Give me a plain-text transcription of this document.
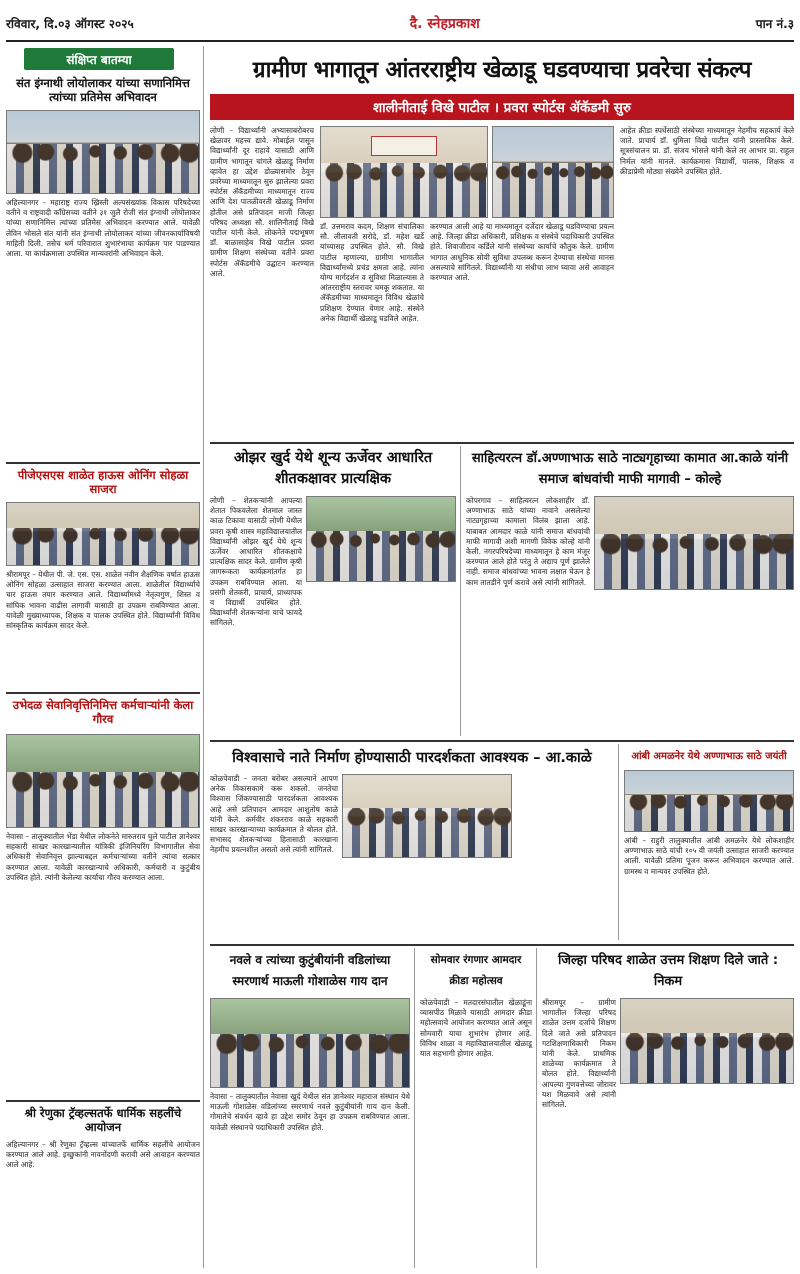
रविवार, दि.०३ ऑगस्ट २०२५	दै. स्नेहप्रकाश	पान नं.३
संक्षिप्त बातम्या
संत इंग्नाथी लोयोलाकर यांच्या सणानिमित्त त्यांच्या प्रतिमेस अभिवादन

अहिल्यानगर – महाराष्ट्र राज्य ख्रिस्ती अल्पसंख्यांक विकास परिषदेच्या वतीने व राष्ट्रवादी काँग्रेसच्या वतीने ३१ जुलै रोजी संत इंग्नाथी लोयोलाकर यांच्या सणानिमित्त त्यांच्या प्रतिमेस अभिवादन करण्यात आले. यावेळी लेविन भोसले संत यांनी संत इंग्नाथी लोयोलाकर यांच्या जीवनकार्याविषयी माहिती दिली. तसेच धर्म परिवारात शुभारंभाचा कार्यक्रम पार पाडण्यात आला. या कार्यक्रमाला उपस्थित मान्यवरांनी अभिवादन केले.

पीजेएसएस शाळेत हाऊस ओनिंग सोहळा साजरा

श्रीरामपूर – येथील पी. जे. एस. एस. शाळेत नवीन शैक्षणिक वर्षात हाऊस ओनिंग सोहळा उत्साहात साजरा करण्यात आला. शाळेतील विद्यार्थ्यांचे चार हाऊस तयार करण्यात आले. विद्यार्थ्यांमध्ये नेतृत्वगुण, शिस्त व सांघिक भावना वाढीस लागावी यासाठी हा उपक्रम राबविण्यात आला. यावेळी मुख्याध्यापक, शिक्षक व पालक उपस्थित होते. विद्यार्थ्यांनी विविध सांस्कृतिक कार्यक्रम सादर केले.

उभेदळ सेवानिवृत्तिनिमित्त कर्मचाऱ्यांनी केला गौरव

नेवासा – तालुक्यातील भेंडा येथील लोकनेते मारुतराव घुले पाटील ज्ञानेश्वर सहकारी साखर कारखान्यातील यांत्रिकी इंजिनियरिंग विभागातील सेवा अधिकारी सेवानिवृत्त झाल्याबद्दल कर्मचाऱ्यांच्या वतीने त्यांचा सत्कार करण्यात आला. यावेळी कारखान्याचे अधिकारी, कर्मचारी व कुटुंबीय उपस्थित होते. त्यांनी केलेल्या कार्याचा गौरव करण्यात आला.

श्री रेणुका ट्रॅव्हल्सतर्फे धार्मिक सहलींचे आयोजन

अहिल्यानगर – श्री रेणुका ट्रॅव्हल्स यांच्यातर्फे धार्मिक सहलींचे आयोजन करण्यात आले आहे. इच्छुकांनी नावनोंदणी करावी असे आवाहन करण्यात आले आहे.

ग्रामीण भागातून आंतरराष्ट्रीय खेळाडू घडवण्याचा प्रवरेचा संकल्प
शालीनीताई विखे पाटील । प्रवरा स्पोर्टस ॲकॅडमी सुरु

लोणी – विद्यार्थ्यांनी अभ्यासाबरोबरच खेळावर महत्त्व द्यावे. मोबाईल पासून विद्यार्थ्यांनी दूर राहावे यासाठी आणि ग्रामीण भागातून चांगले खेळाडू निर्माण व्हावेत हा उद्देश डोळ्यासमोर ठेवून प्रवरेच्या माध्यमातून सुरु झालेल्या प्रवरा स्पोर्टस ॲकॅडमीच्या माध्यमातून राज्य आणि देश पातळीवरती खेळाडू निर्माण होतील असे प्रतिपादन माजी जिल्हा परिषद अध्यक्षा सौ. शालिनीताई विखे पाटील यांनी केले. लोकनेते पद्मभूषण डॉ. बाळासाहेब विखे पाटील प्रवरा ग्रामीण शिक्षण संस्थेच्या वतीने प्रवरा स्पोर्टस ॲकॅडमीचे उद्घाटन करण्यात आले.

डॉ. उत्तमराव कदम, शिक्षण संचालिका सौ. लीलावती सरोदे, डॉ. महेश खर्डे यांच्यासह उपस्थित होते. सौ. विखे पाटील म्हणाल्या, ग्रामीण भागातील विद्यार्थ्यांमध्ये प्रचंड क्षमता आहे. त्यांना योग्य मार्गदर्शन व सुविधा मिळाल्यास ते आंतरराष्ट्रीय स्तरावर चमकू शकतात. या ॲकॅडमीच्या माध्यमातून विविध खेळांचे प्रशिक्षण देण्यात येणार आहे. संस्थेने अनेक विद्यार्थी खेळाडू घडविले आहेत.

करण्यात आली आहे या माध्यमातून दर्जेदार खेळाडू घडविण्याचा प्रयत्न आहे. जिल्हा क्रीडा अधिकारी, प्रशिक्षक व संस्थेचे पदाधिकारी उपस्थित होते. शिवाजीराव कर्डिले यांनी संस्थेच्या कार्याचे कौतुक केले. ग्रामीण भागात आधुनिक सोयी सुविधा उपलब्ध करून देण्याचा संस्थेचा मानस असल्याचे सांगितले. विद्यार्थ्यांनी या संधीचा लाभ घ्यावा असे आवाहन करण्यात आले.

आहेत क्रीडा स्पर्धेसाठी संस्थेच्या माध्यमातून नेहमीच सहकार्य केले जाते. प्राचार्य डॉ. धुमिला विखे पाटील यांनी प्रास्ताविक केले. सूत्रसंचालन प्रा. डॉ. संजय भोसले यांनी केले तर आभार प्रा. राहुल निर्मल यांनी मानले. कार्यक्रमास विद्यार्थी, पालक, शिक्षक व क्रीडाप्रेमी मोठ्या संख्येने उपस्थित होते.

ओझर खुर्द येथे शून्य ऊर्जेवर आधारित शीतकक्षावर प्रात्यक्षिक

लोणी – शेतकऱ्यांनी आपल्या शेतात पिकवलेला शेतमाल जास्त काळ टिकावा यासाठी लोणी येथील प्रवरा कृषी शास्त्र महाविद्यालयातील विद्यार्थ्यांनी ओझर खुर्द येथे शून्य ऊर्जेवर आधारित शीतकक्षाचे प्रात्यक्षिक सादर केले. ग्रामीण कृषी जागरूकता कार्यक्रमांतर्गत हा उपक्रम राबविण्यात आला. या प्रसंगी शेतकरी, प्राचार्य, प्राध्यापक व विद्यार्थी उपस्थित होते. विद्यार्थ्यांनी शेतकऱ्यांना याचे फायदे सांगितले.

साहित्यरत्न डॉ.अण्णाभाऊ साठे नाट्यगृहाच्या कामात आ.काळे यांनी समाज बांधवांची माफी मागावी – कोल्हे

कोपरगाव – साहित्यरत्न लोकशाहीर डॉ. अण्णाभाऊ साठे यांच्या नावाने असलेल्या नाट्यगृहाच्या कामाला विलंब झाला आहे. याबाबत आमदार काळे यांनी समाज बांधवांची माफी मागावी अशी मागणी विवेक कोल्हे यांनी केली. नगरपरिषदेच्या माध्यमातून हे काम मंजूर करण्यात आले होते परंतु ते अद्याप पूर्ण झालेले नाही. समाज बांधवांच्या भावना लक्षात घेऊन हे काम तातडीने पूर्ण करावे असे त्यांनी सांगितले.

विश्वासाचे नाते निर्माण होण्यासाठी पारदर्शकता आवश्यक – आ.काळे

कोळपेवाडी – जनता बरोबर असल्याने आपण अनेक विकासकामे करू शकलो. जनतेचा विश्वास जिंकण्यासाठी पारदर्शकता आवश्यक आहे असे प्रतिपादन आमदार आशुतोष काळे यांनी केले. कर्मवीर शंकरराव काळे सहकारी साखर कारखान्याच्या कार्यक्रमात ते बोलत होते. सभासद शेतकऱ्यांच्या हितासाठी कारखाना नेहमीच प्रयत्नशील असतो असे त्यांनी सांगितले.

आंबी अमळनेर येथे अण्णाभाऊ साठे जयंती

आंबी – राहुरी तालुक्यातील आंबी अमळनेर येथे लोकशाहीर अण्णाभाऊ साठे यांची १०५ वी जयंती उत्साहात साजरी करण्यात आली. यावेळी प्रतिमा पूजन करून अभिवादन करण्यात आले. ग्रामस्थ व मान्यवर उपस्थित होते.

नवले व त्यांच्या कुटुंबीयांनी वडिलांच्या स्मरणार्थ माऊली गोशाळेस गाय दान

नेवासा – तालुक्यातील नेवासा खुर्द येथील संत ज्ञानेश्वर महाराज संस्थान येथे माऊली गोशाळेस वडिलांच्या स्मरणार्थ नवले कुटुंबीयांनी गाय दान केली. गोमातेचे संवर्धन व्हावे हा उद्देश समोर ठेवून हा उपक्रम राबविण्यात आला. यावेळी संस्थानचे पदाधिकारी उपस्थित होते.

सोमवार रंगणार आमदार क्रीडा महोत्सव

कोळपेवाडी – मतदारसंघातील खेळाडूंना व्यासपीठ मिळावे यासाठी आमदार क्रीडा महोत्सवाचे आयोजन करण्यात आले असून सोमवारी याचा शुभारंभ होणार आहे. विविध शाळा व महाविद्यालयातील खेळाडू यात सहभागी होणार आहेत.

जिल्हा परिषद शाळेत उत्तम शिक्षण दिले जाते : निकम

श्रीरामपूर – ग्रामीण भागातील जिल्हा परिषद शाळेत उत्तम दर्जाचे शिक्षण दिले जाते असे प्रतिपादन गटशिक्षणाधिकारी निकम यांनी केले. प्राथमिक शाळेच्या कार्यक्रमात ते बोलत होते. विद्यार्थ्यांनी आपल्या गुणवत्तेच्या जोरावर यश मिळवावे असे त्यांनी सांगितले.
